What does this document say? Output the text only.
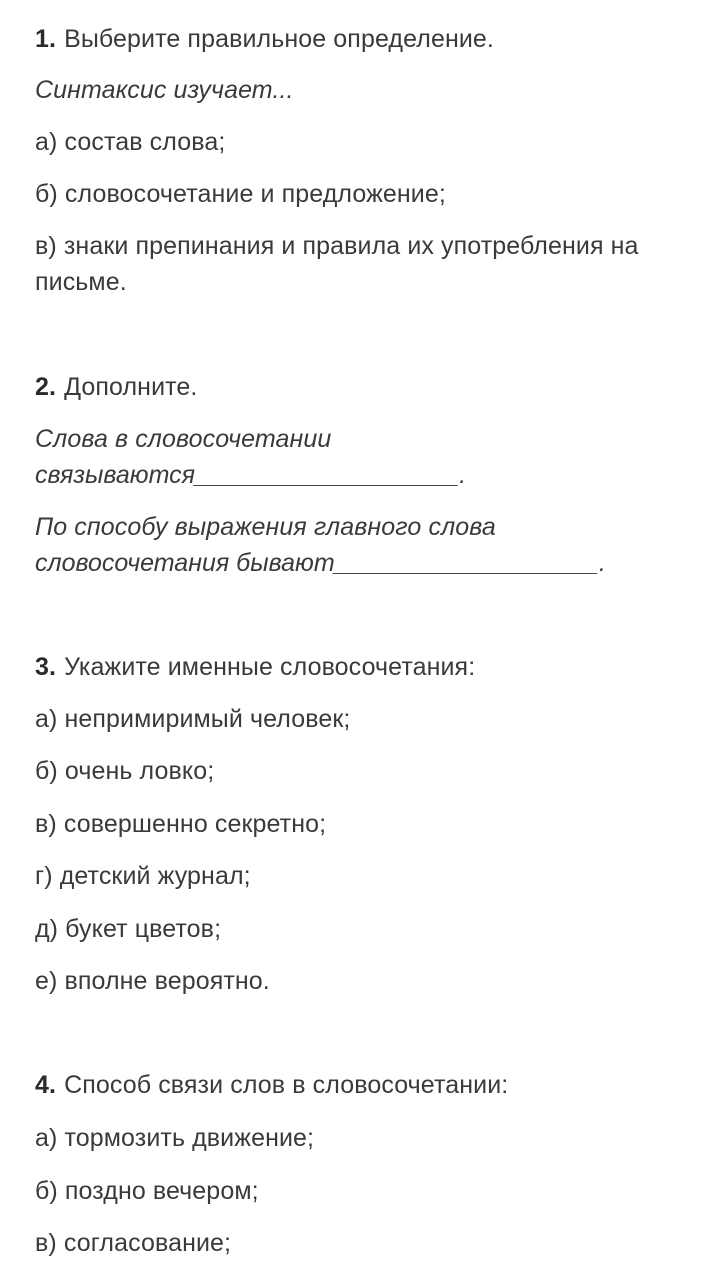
1. Выберите правильное определение.
Синтаксис изучает...
а) состав слова;
б) словосочетание и предложение;
в) знаки препинания и правила их употребления на
письме.
2. Дополните.
Слова в словосочетании
связываются___________________.
По способу выражения главного слова
словосочетания бывают___________________.
3. Укажите именные словосочетания:
а) непримиримый человек;
б) очень ловко;
в) совершенно секретно;
г) детский журнал;
д) букет цветов;
е) вполне вероятно.
4. Способ связи слов в словосочетании:
а) тормозить движение;
б) поздно вечером;
в) согласование;
